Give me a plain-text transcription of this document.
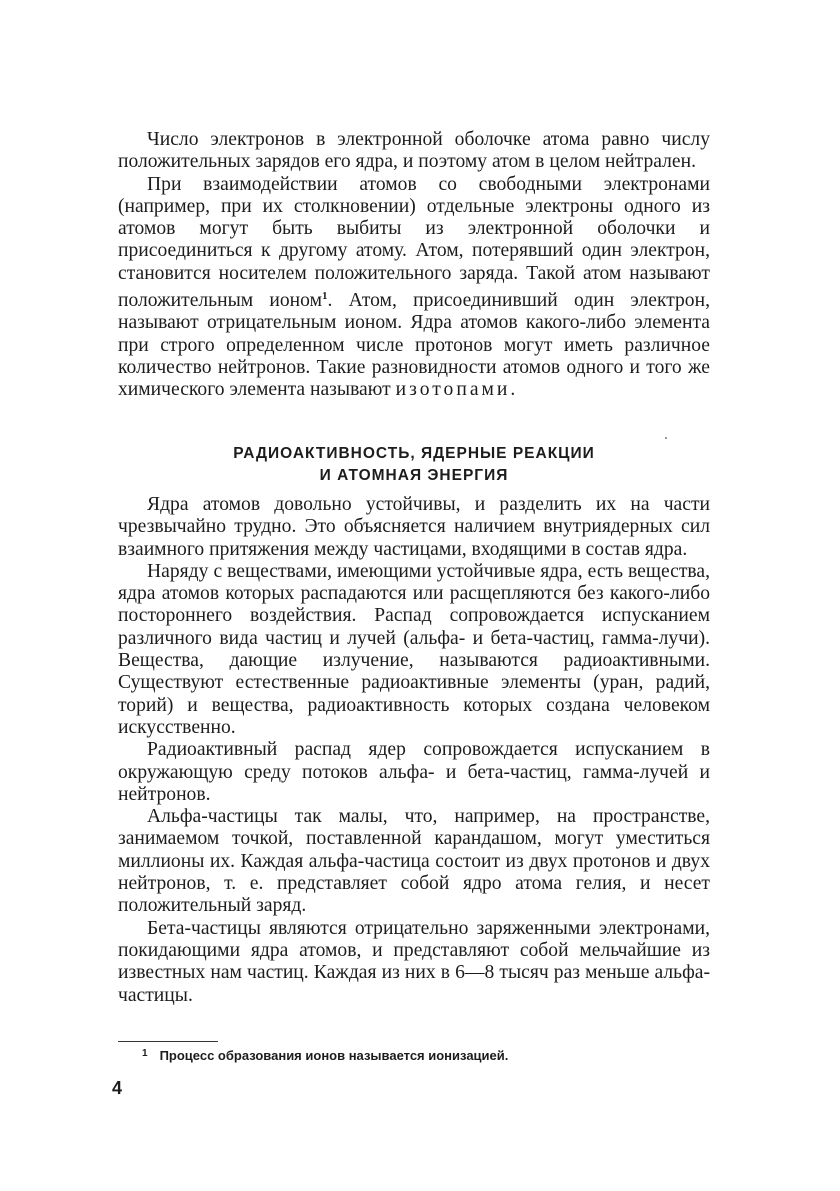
Число электронов в электронной оболочке атома равно числу положительных зарядов его ядра, и поэтому атом в целом нейтрален.

При взаимодействии атомов со свободными электронами (например, при их столкновении) отдельные электроны одного из атомов могут быть выбиты из электронной оболочки и присоединиться к другому атому. Атом, потерявший один электрон, становится носителем положительного заряда. Такой атом называют положительным ионом$^1$. Атом, присоединивший один электрон, называют отрицательным ионом. Ядра атомов какого-либо элемента при строго определенном числе протонов могут иметь различное количество нейтронов. Такие разновидности атомов одного и того же химического элемента называют изотопами.

РАДИОАКТИВНОСТЬ, ЯДЕРНЫЕ РЕАКЦИИ
И АТОМНАЯ ЭНЕРГИЯ

Ядра атомов довольно устойчивы, и разделить их на части чрезвычайно трудно. Это объясняется наличием внутриядерных сил взаимного притяжения между частицами, входящими в состав ядра.

Наряду с веществами, имеющими устойчивые ядра, есть вещества, ядра атомов которых распадаются или расщепляются без какого-либо постороннего воздействия. Распад сопровождается испусканием различного вида частиц и лучей (альфа- и бета-частиц, гамма-лучи). Вещества, дающие излучение, называются радиоактивными. Существуют естественные радиоактивные элементы (уран, радий, торий) и вещества, радиоактивность которых создана человеком искусственно.

Радиоактивный распад ядер сопровождается испусканием в окружающую среду потоков альфа- и бета-частиц, гамма-лучей и нейтронов.

Альфа-частицы так малы, что, например, на пространстве, занимаемом точкой, поставленной карандашом, могут уместиться миллионы их. Каждая альфа-частица состоит из двух протонов и двух нейтронов, т. е. представляет собой ядро атома гелия, и несет положительный заряд.

Бета-частицы являются отрицательно заряженными электронами, покидающими ядра атомов, и представляют собой мельчайшие из известных нам частиц. Каждая из них в 6—8 тысяч раз меньше альфа-частицы.

$^1$ Процесс образования ионов называется ионизацией.
4
